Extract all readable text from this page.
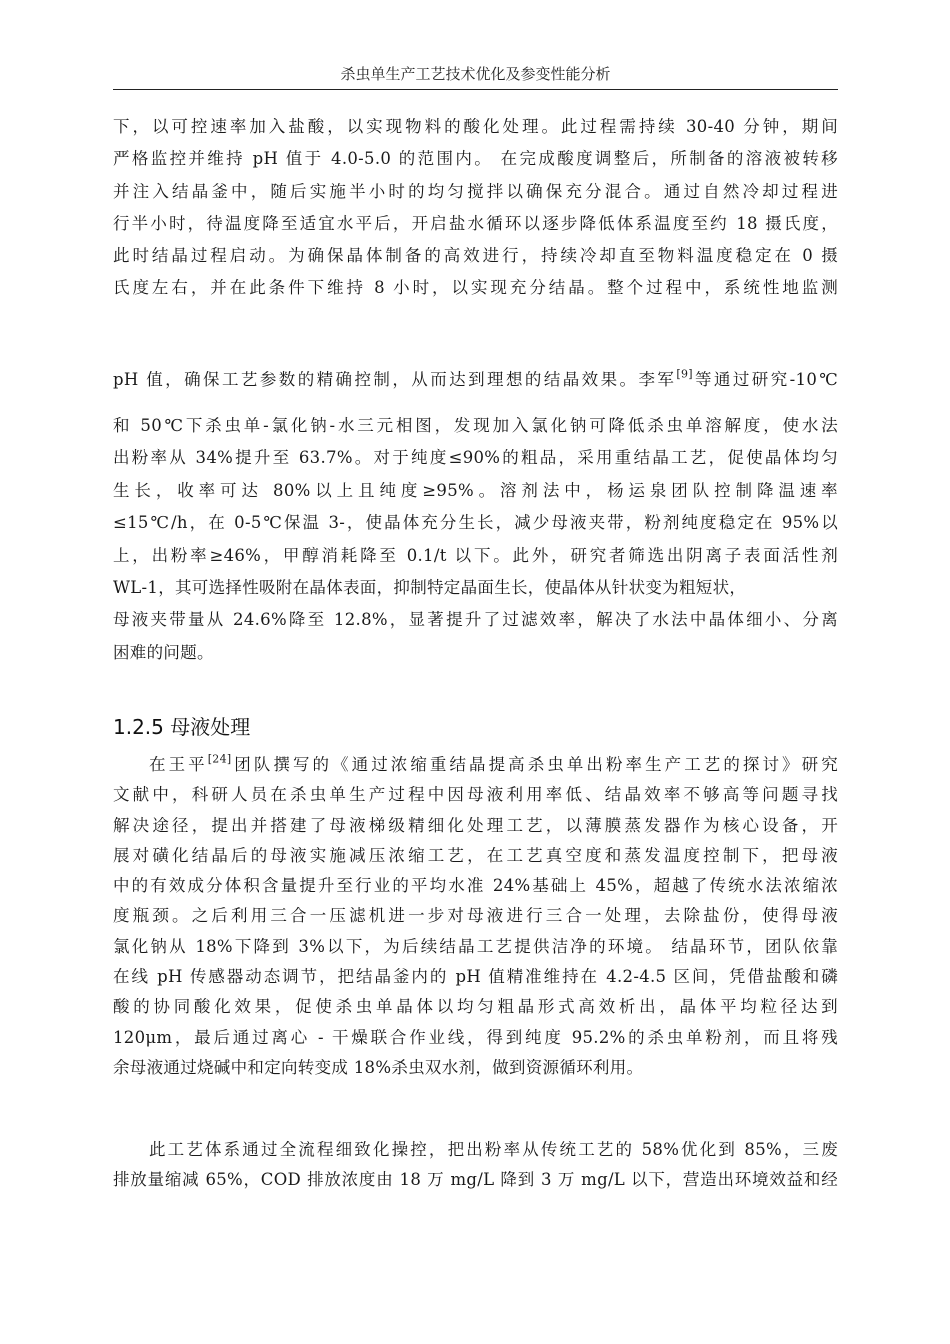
杀虫单生产工艺技术优化及参变性能分析

下，以可控速率加入盐酸，以实现物料的酸化处理。此过程需持续 30-40 分钟，期间
严格监控并维持 pH 值于 4.0-5.0 的范围内。 在完成酸度调整后，所制备的溶液被转移
并注入结晶釜中，随后实施半小时的均匀搅拌以确保充分混合。通过自然冷却过程进
行半小时，待温度降至适宜水平后，开启盐水循环以逐步降低体系温度至约 18 摄氏度，
此时结晶过程启动。为确保晶体制备的高效进行，持续冷却直至物料温度稳定在 0 摄
氏度左右，并在此条件下维持 8 小时，以实现充分结晶。整个过程中，系统性地监测

pH 值，确保工艺参数的精确控制，从而达到理想的结晶效果。李军[9]等通过研究-10℃

和 50℃下杀虫单-氯化钠-水三元相图，发现加入氯化钠可降低杀虫单溶解度，使水法
出粉率从 34%提升至 63.7%。对于纯度≤90%的粗品，采用重结晶工艺，促使晶体均匀
生长，收率可达 80%以上且纯度≥95%。溶剂法中，杨运泉团队控制降温速率
≤15℃/h，在 0-5℃保温 3-，使晶体充分生长，减少母液夹带，粉剂纯度稳定在 95%以
上，出粉率≥46%，甲醇消耗降至 0.1/t 以下。此外，研究者筛选出阴离子表面活性剂
WL-1，其可选择性吸附在晶体表面，抑制特定晶面生长，使晶体从针状变为粗短状，
母液夹带量从 24.6%降至 12.8%，显著提升了过滤效率，解决了水法中晶体细小、分离
困难的问题。

1.2.5 母液处理

在王平[24]团队撰写的《通过浓缩重结晶提高杀虫单出粉率生产工艺的探讨》研究
文献中，科研人员在杀虫单生产过程中因母液利用率低、结晶效率不够高等问题寻找
解决途径，提出并搭建了母液梯级精细化处理工艺，以薄膜蒸发器作为核心设备，开
展对磺化结晶后的母液实施减压浓缩工艺，在工艺真空度和蒸发温度控制下，把母液
中的有效成分体积含量提升至行业的平均水准 24%基础上 45%，超越了传统水法浓缩浓
度瓶颈。之后利用三合一压滤机进一步对母液进行三合一处理，去除盐份，使得母液
氯化钠从 18%下降到 3%以下，为后续结晶工艺提供洁净的环境。 结晶环节，团队依靠
在线 pH 传感器动态调节，把结晶釜内的 pH 值精准维持在 4.2-4.5 区间，凭借盐酸和磷
酸的协同酸化效果，促使杀虫单晶体以均匀粗晶形式高效析出，晶体平均粒径达到
120μm，最后通过离心 - 干燥联合作业线，得到纯度 95.2%的杀虫单粉剂，而且将残
余母液通过烧碱中和定向转变成 18%杀虫双水剂，做到资源循环利用。

此工艺体系通过全流程细致化操控，把出粉率从传统工艺的 58%优化到 85%，三废
排放量缩减 65%，COD 排放浓度由 18 万 mg/L 降到 3 万 mg/L 以下，营造出环境效益和经
